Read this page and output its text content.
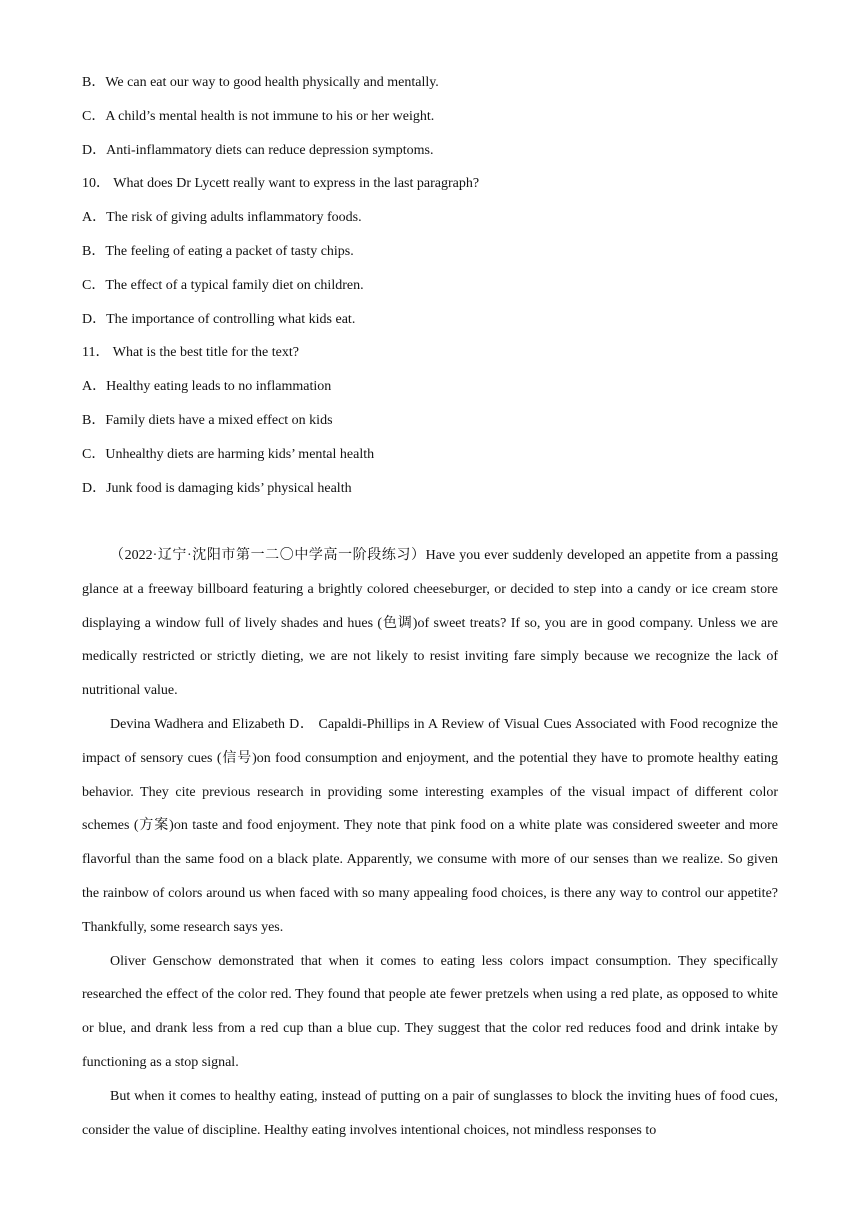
B．We can eat our way to good health physically and mentally.
C．A child’s mental health is not immune to his or her weight.
D．Anti-inflammatory diets can reduce depression symptoms.
10． What does Dr Lycett really want to express in the last paragraph?
A．The risk of giving adults inflammatory foods.
B．The feeling of eating a packet of tasty chips.
C．The effect of a typical family diet on children.
D．The importance of controlling what kids eat.
11． What is the best title for the text?
A．Healthy eating leads to no inflammation
B．Family diets have a mixed effect on kids
C．Unhealthy diets are harming kids’ mental health
D．Junk food is damaging kids’ physical health

（2022·辽宁·沈阳市第一二〇中学高一阶段练习）Have you ever suddenly developed an appetite from a passing glance at a freeway billboard featuring a brightly colored cheeseburger, or decided to step into a candy or ice cream store displaying a window full of lively shades and hues (色调)of sweet treats? If so, you are in good company. Unless we are medically restricted or strictly dieting, we are not likely to resist inviting fare simply because we recognize the lack of nutritional value.

Devina Wadhera and Elizabeth D． Capaldi-Phillips in A Review of Visual Cues Associated with Food recognize the impact of sensory cues (信号)on food consumption and enjoyment, and the potential they have to promote healthy eating behavior. They cite previous research in providing some interesting examples of the visual impact of different color schemes (方案)on taste and food enjoyment. They note that pink food on a white plate was considered sweeter and more flavorful than the same food on a black plate. Apparently, we consume with more of our senses than we realize. So given the rainbow of colors around us when faced with so many appealing food choices, is there any way to control our appetite? Thankfully, some research says yes.

Oliver Genschow demonstrated that when it comes to eating less colors impact consumption. They specifically researched the effect of the color red. They found that people ate fewer pretzels when using a red plate, as opposed to white or blue, and drank less from a red cup than a blue cup. They suggest that the color red reduces food and drink intake by functioning as a stop signal.

But when it comes to healthy eating, instead of putting on a pair of sunglasses to block the inviting hues of food cues, consider the value of discipline. Healthy eating involves intentional choices, not mindless responses to
